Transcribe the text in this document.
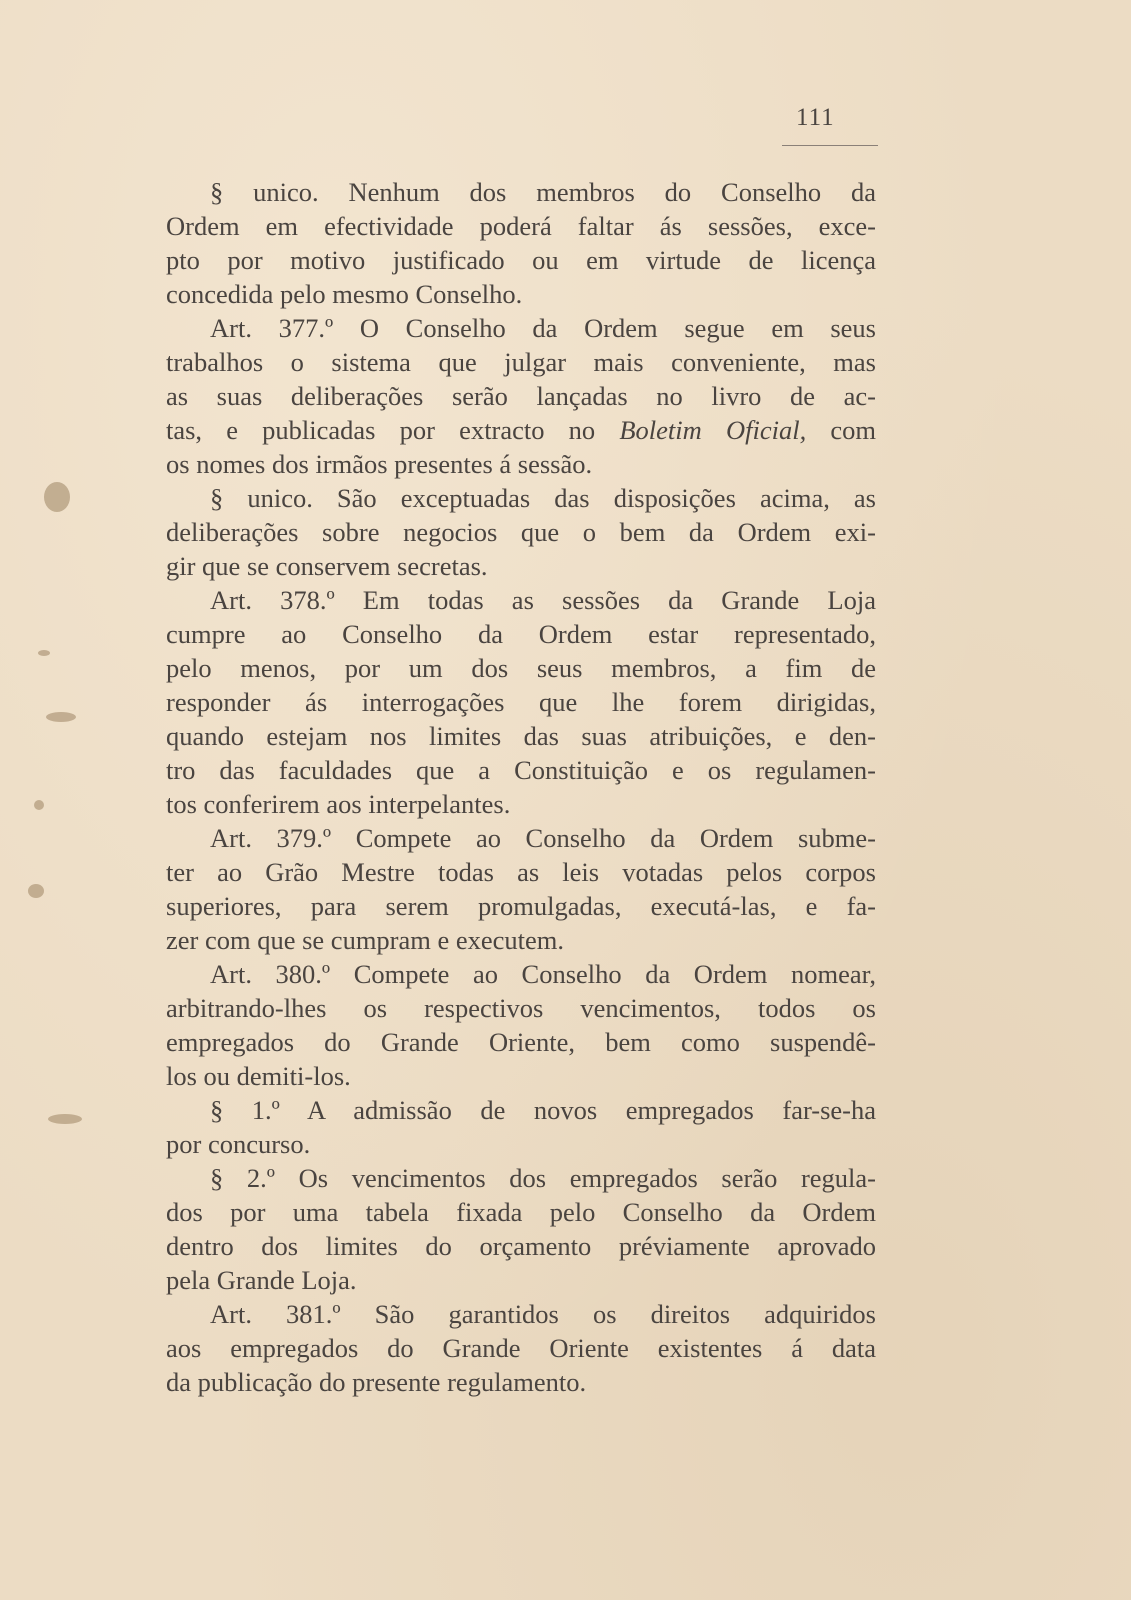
111
§ unico. Nenhum dos membros do Conselho da
Ordem em efectividade poderá faltar ás sessões, exce-
pto por motivo justificado ou em virtude de licença
concedida pelo mesmo Conselho.
Art. 377.º O Conselho da Ordem segue em seus
trabalhos o sistema que julgar mais conveniente, mas
as suas deliberações serão lançadas no livro de ac-
tas, e publicadas por extracto no Boletim Oficial, com
os nomes dos irmãos presentes á sessão.
§ unico. São exceptuadas das disposições acima, as
deliberações sobre negocios que o bem da Ordem exi-
gir que se conservem secretas.
Art. 378.º Em todas as sessões da Grande Loja
cumpre ao Conselho da Ordem estar representado,
pelo menos, por um dos seus membros, a fim de
responder ás interrogações que lhe forem dirigidas,
quando estejam nos limites das suas atribuições, e den-
tro das faculdades que a Constituição e os regulamen-
tos conferirem aos interpelantes.
Art. 379.º Compete ao Conselho da Ordem subme-
ter ao Grão Mestre todas as leis votadas pelos corpos
superiores, para serem promulgadas, executá-las, e fa-
zer com que se cumpram e executem.
Art. 380.º Compete ao Conselho da Ordem nomear,
arbitrando-lhes os respectivos vencimentos, todos os
empregados do Grande Oriente, bem como suspendê-
los ou demiti-los.
§ 1.º A admissão de novos empregados far-se-ha
por concurso.
§ 2.º Os vencimentos dos empregados serão regula-
dos por uma tabela fixada pelo Conselho da Ordem
dentro dos limites do orçamento préviamente aprovado
pela Grande Loja.
Art. 381.º São garantidos os direitos adquiridos
aos empregados do Grande Oriente existentes á data
da publicação do presente regulamento.
